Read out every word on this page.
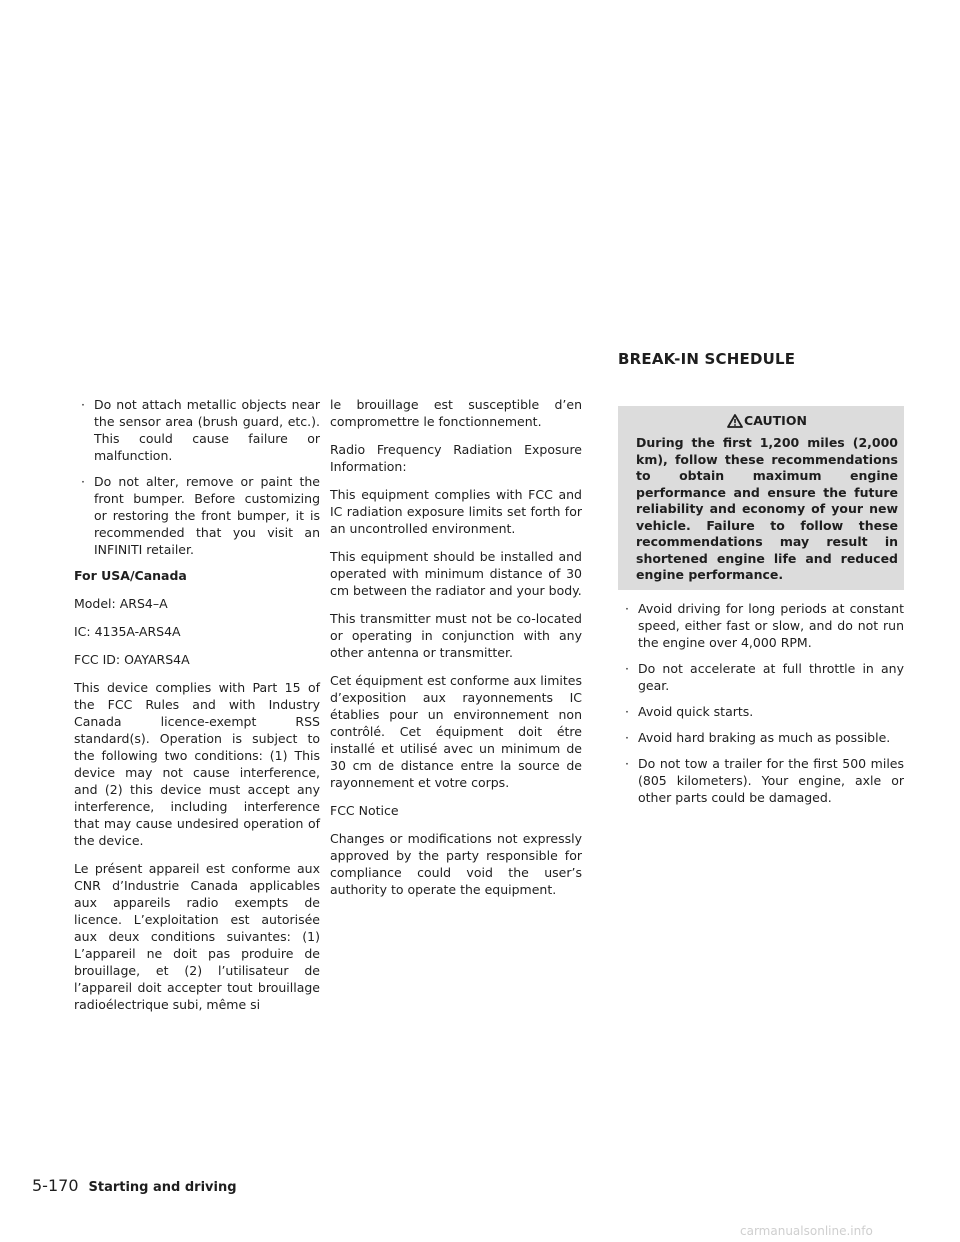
· Do not attach metallic objects near the sensor area (brush guard, etc.). This could cause failure or malfunction.
· Do not alter, remove or paint the front bumper. Before customizing or restoring the front bumper, it is recommended that you visit an INFINITI retailer.

For USA/Canada

Model: ARS4–A

IC: 4135A-ARS4A

FCC ID: OAYARS4A

This device complies with Part 15 of the FCC Rules and with Industry Canada licence-exempt RSS standard(s). Operation is subject to the following two conditions: (1) This device may not cause interference, and (2) this device must accept any interference, including interference that may cause undesired operation of the device.

Le présent appareil est conforme aux CNR d’Industrie Canada applicables aux appareils radio exempts de licence. L’exploitation est autorisée aux deux conditions suivantes: (1) L’appareil ne doit pas produire de brouillage, et (2) l’utilisateur de l’appareil doit accepter tout brouillage radioélectrique subi, même si

le brouillage est susceptible d’en compromettre le fonctionnement.

Radio Frequency Radiation Exposure Information:

This equipment complies with FCC and IC radiation exposure limits set forth for an uncontrolled environment.

This equipment should be installed and operated with minimum distance of 30 cm between the radiator and your body.

This transmitter must not be co-located or operating in conjunction with any other antenna or transmitter.

Cet équipment est conforme aux limites d’exposition aux rayonnements IC établies pour un environnement non contrôlé. Cet équipment doit étre installé et utilisé avec un minimum de 30 cm de distance entre la source de rayonnement et votre corps.

FCC Notice

Changes or modifications not expressly approved by the party responsible for compliance could void the user’s authority to operate the equipment.

BREAK-IN SCHEDULE
CAUTION
During the first 1,200 miles (2,000 km), follow these recommendations to obtain maximum engine performance and ensure the future reliability and economy of your new vehicle. Failure to follow these recommendations may result in shortened engine life and reduced engine performance.
· Avoid driving for long periods at constant speed, either fast or slow, and do not run the engine over 4,000 RPM.
· Do not accelerate at full throttle in any gear.
· Avoid quick starts.
· Avoid hard braking as much as possible.
· Do not tow a trailer for the first 500 miles (805 kilometers). Your engine, axle or other parts could be damaged.
5-170 Starting and driving
carmanualsonline.info
